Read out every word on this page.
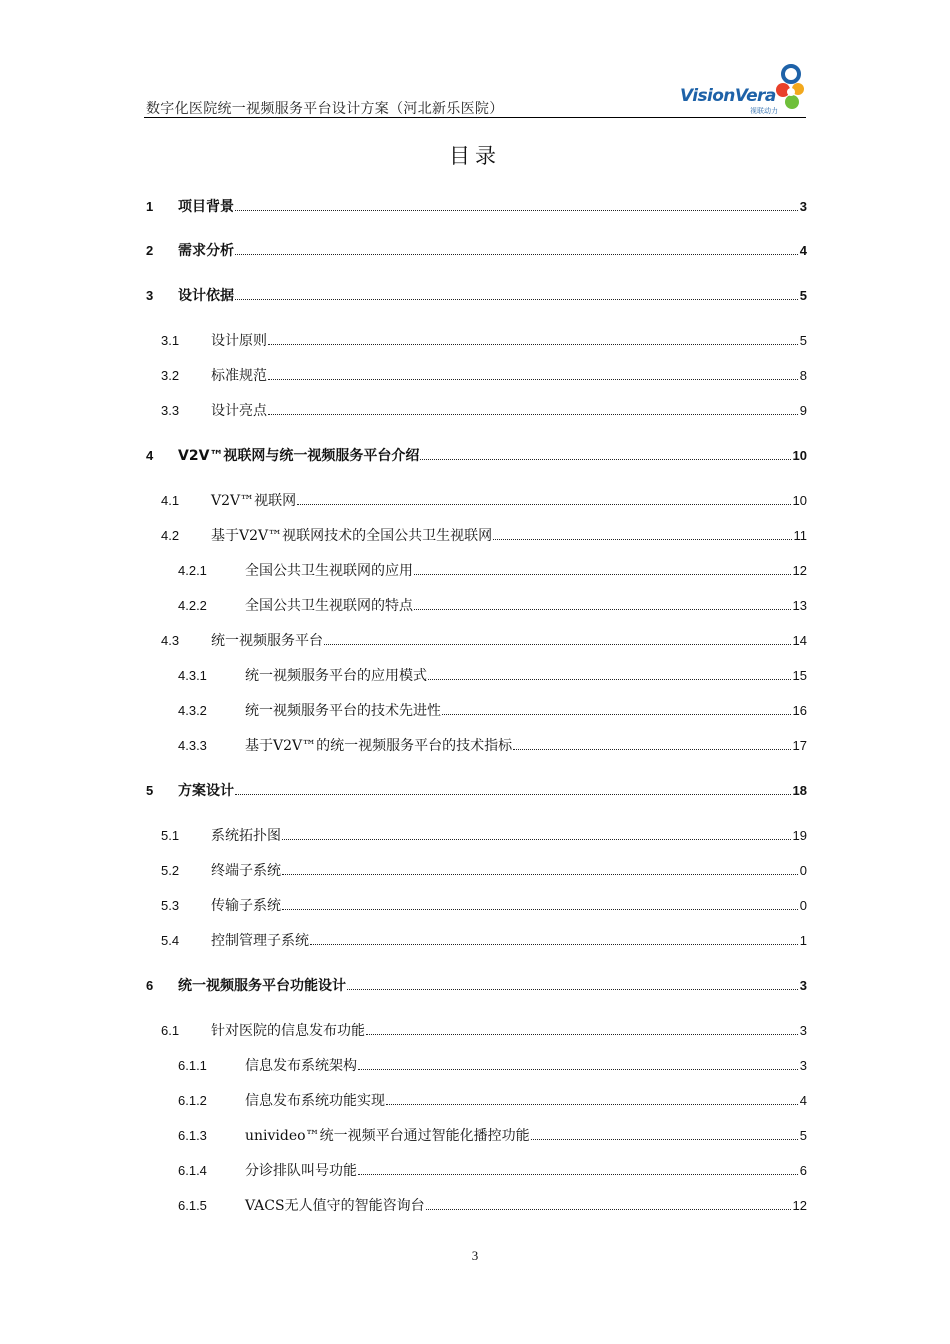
数字化医院统一视频服务平台设计方案（河北新乐医院）
VisionVera
视联动力
目录
1	项目背景	3
2	需求分析	4
3	设计依据	5
3.1	设计原则	5
3.2	标准规范	8
3.3	设计亮点	9
4	V2V™视联网与统一视频服务平台介绍	10
4.1	V2V™视联网	10
4.2	基于V2V™视联网技术的全国公共卫生视联网	11
4.2.1	全国公共卫生视联网的应用	12
4.2.2	全国公共卫生视联网的特点	13
4.3	统一视频服务平台	14
4.3.1	统一视频服务平台的应用模式	15
4.3.2	统一视频服务平台的技术先进性	16
4.3.3	基于V2V™的统一视频服务平台的技术指标	17
5	方案设计	18
5.1	系统拓扑图	19
5.2	终端子系统	0
5.3	传输子系统	0
5.4	控制管理子系统	1
6	统一视频服务平台功能设计	3
6.1	针对医院的信息发布功能	3
6.1.1	信息发布系统架构	3
6.1.2	信息发布系统功能实现	4
6.1.3	univideo™统一视频平台通过智能化播控功能	5
6.1.4	分诊排队叫号功能	6
6.1.5	VACS无人值守的智能咨询台	12
3
